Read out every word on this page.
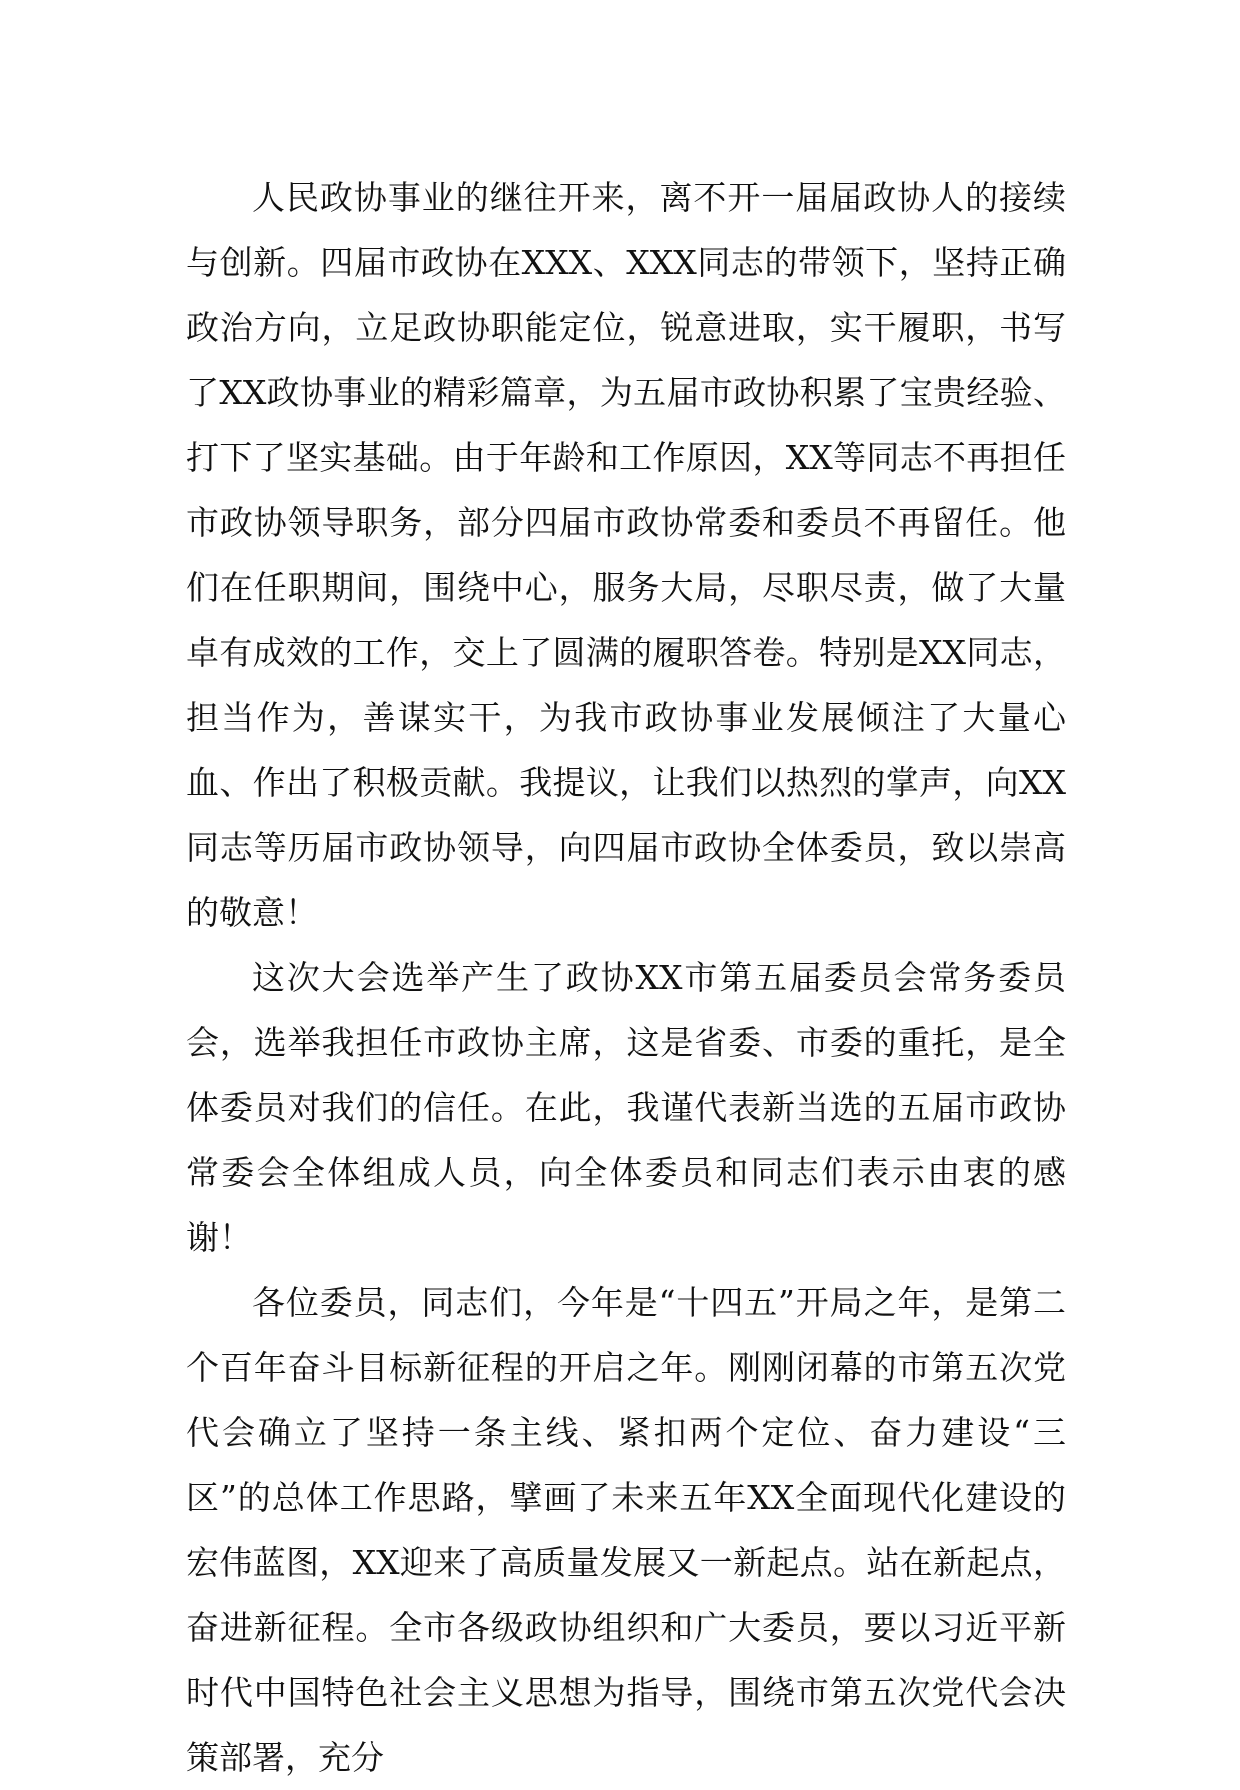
人民政协事业的继往开来，离不开一届届政协人的接续与创新。四届市政协在XXX、XXX同志的带领下，坚持正确政治方向，立足政协职能定位，锐意进取，实干履职，书写了XX政协事业的精彩篇章，为五届市政协积累了宝贵经验、打下了坚实基础。由于年龄和工作原因，XX等同志不再担任市政协领导职务，部分四届市政协常委和委员不再留任。他们在任职期间，围绕中心，服务大局，尽职尽责，做了大量卓有成效的工作，交上了圆满的履职答卷。特别是XX同志，担当作为，善谋实干，为我市政协事业发展倾注了大量心血、作出了积极贡献。我提议，让我们以热烈的掌声，向XX同志等历届市政协领导，向四届市政协全体委员，致以崇高的敬意！

这次大会选举产生了政协XX市第五届委员会常务委员会，选举我担任市政协主席，这是省委、市委的重托，是全体委员对我们的信任。在此，我谨代表新当选的五届市政协常委会全体组成人员，向全体委员和同志们表示由衷的感谢！

各位委员，同志们，今年是“十四五”开局之年，是第二个百年奋斗目标新征程的开启之年。刚刚闭幕的市第五次党代会确立了坚持一条主线、紧扣两个定位、奋力建设“三区”的总体工作思路，擘画了未来五年XX全面现代化建设的宏伟蓝图，XX迎来了高质量发展又一新起点。站在新起点，奋进新征程。全市各级政协组织和广大委员，要以习近平新时代中国特色社会主义思想为指导，围绕市第五次党代会决策部署，充分
